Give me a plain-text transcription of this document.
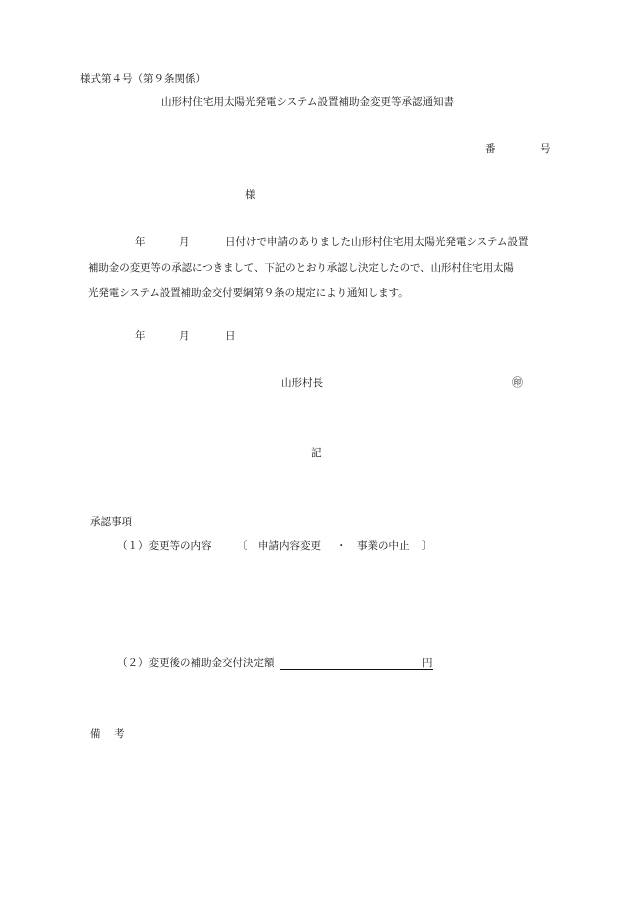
様式第４号（第９条関係）
山形村住宅用太陽光発電システム設置補助金変更等承認通知書
番	号
様
年	月	日付けで申請のありました山形村住宅用太陽光発電システム設置
補助金の変更等の承認につきまして、下記のとおり承認し決定したので、山形村住宅用太陽
光発電システム設置補助金交付要綱第９条の規定により通知します。
年	月	日
山形村長	㊞
記
承認事項
（１）変更等の内容 〔 申請内容変更 ・ 事業の中止 〕
（２）変更後の補助金交付決定額	円
備 考
